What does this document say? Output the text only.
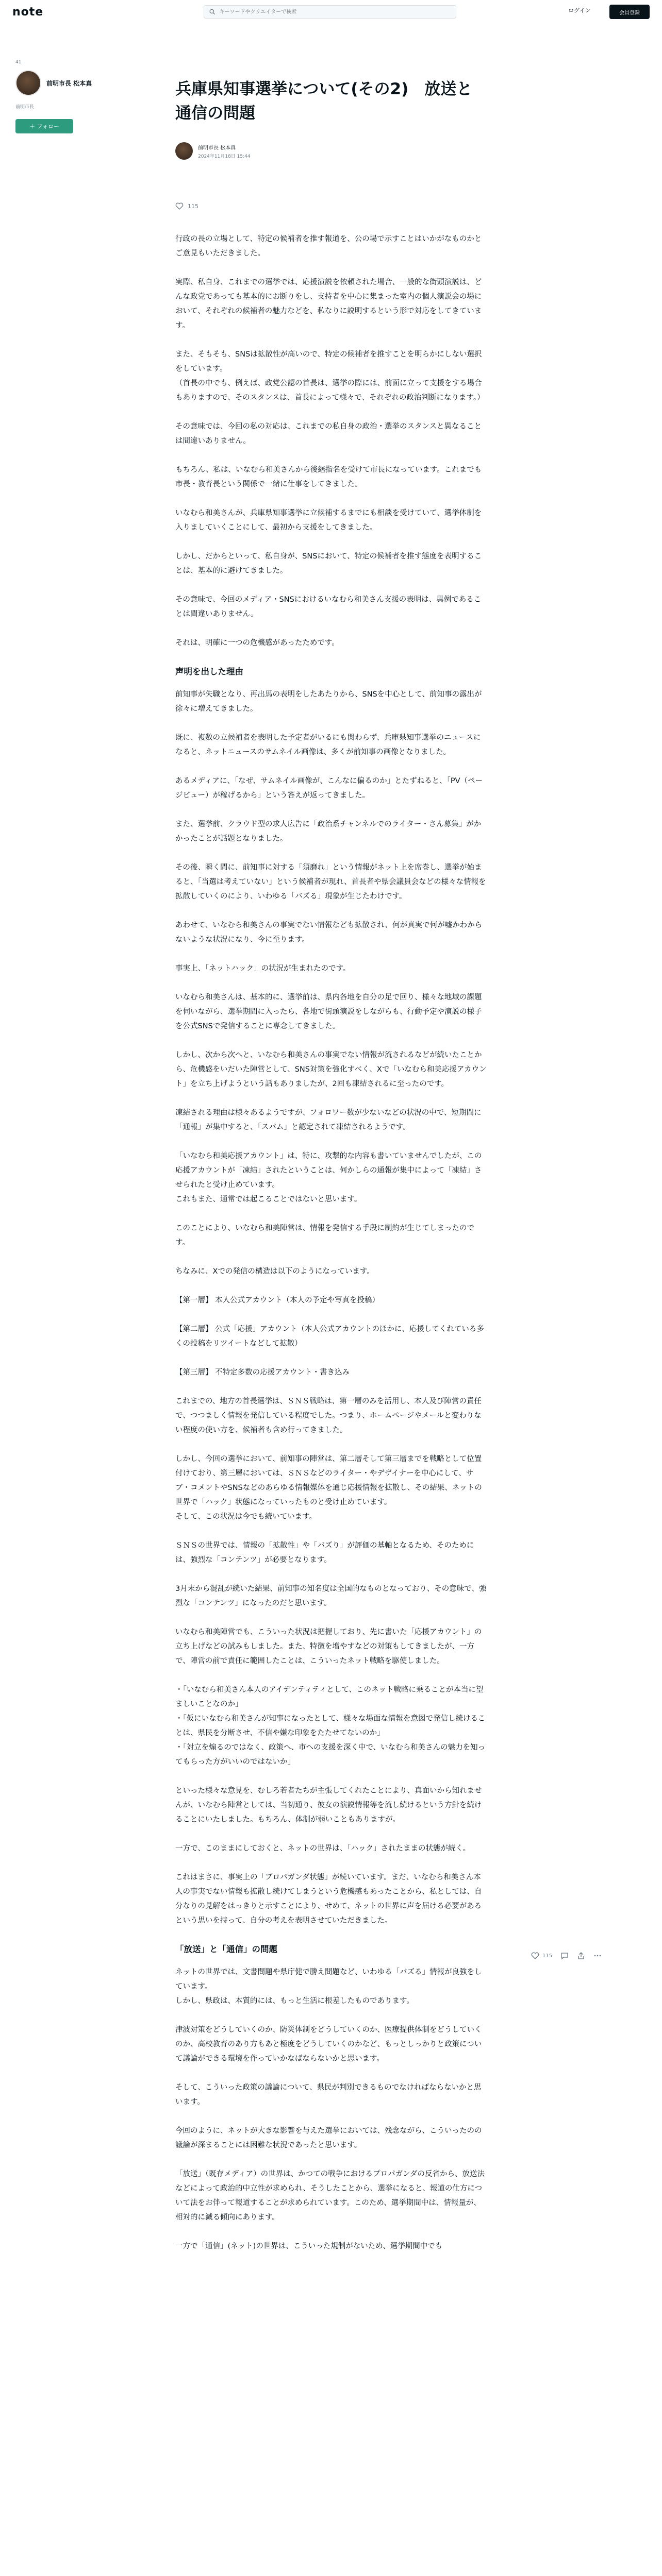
note
キーワードやクリエイターで検索	ログイン	会員登録
41
前明市長 松本真
前明市長
＋ フォロー
兵庫県知事選挙について(その2)　放送と通信の問題
前明市長 松本真
2024年11月18日 15:44
115

行政の長の立場として、特定の候補者を推す報道を、公の場で示すことはいかがなものかとご意見もいただきました。

実際、私自身、これまでの選挙では、応援演説を依頼された場合、一般的な街頭演説は、どんな政党であっても基本的にお断りをし、支持者を中心に集まった室内の個人演説会の場において、それぞれの候補者の魅力などを、私なりに説明するという形で対応をしてきています。

また、そもそも、SNSは拡散性が高いので、特定の候補者を推すことを明らかにしない選択をしています。
（首長の中でも、例えば、政党公認の首長は、選挙の際には、前面に立って支援をする場合もありますので、そのスタンスは、首長によって様々で、それぞれの政治判断になります。）

その意味では、今回の私の対応は、これまでの私自身の政治・選挙のスタンスと異なることは間違いありません。

もちろん、私は、いなむら和美さんから後継指名を受けて市長になっています。これまでも市長・教育長という関係で一緒に仕事をしてきました。

いなむら和美さんが、兵庫県知事選挙に立候補するまでにも相談を受けていて、選挙体制を入りましていくことにして、最初から支援をしてきました。

しかし、だからといって、私自身が、SNSにおいて、特定の候補者を推す態度を表明することは、基本的に避けてきました。

その意味で、今回のメディア・SNSにおけるいなむら和美さん支援の表明は、異例であることは間違いありません。

それは、明確に一つの危機感があったためです。

声明を出した理由

前知事が失職となり、再出馬の表明をしたあたりから、SNSを中心として、前知事の露出が徐々に増えてきました。

既に、複数の立候補者を表明した予定者がいるにも関わらず、兵庫県知事選挙のニュースになると、ネットニュースのサムネイル画像は、多くが前知事の画像となりました。

あるメディアに、「なぜ、サムネイル画像が、こんなに偏るのか」とたずねると、「PV（ページビュー）が稼げるから」という答えが返ってきました。

また、選挙前、クラウド型の求人広告に「政治系チャンネルでのライター・さん募集」がかかったことが話題となりました。

その後、瞬く間に、前知事に対する「須磨れ」という情報がネット上を席巻し、選挙が始まると、「当選は考えていない」という候補者が現れ、首長者や県会議員会などの様々な情報を拡散していくのにより、いわゆる「バズる」現象が生じたわけです。

あわせて、いなむら和美さんの事実でない情報なども拡散され、何が真実で何が嘘かわからないような状況になり、今に至ります。

事実上、「ネットハック」の状況が生まれたのです。

いなむら和美さんは、基本的に、選挙前は、県内各地を自分の足で回り、様々な地域の課題を伺いながら、選挙期間に入ったら、各地で街頭演説をしながらも、行動予定や演説の様子を公式SNSで発信することに専念してきました。

しかし、次から次へと、いなむら和美さんの事実でない情報が流されるなどが続いたことから、危機感をいだいた陣営として、SNS対策を強化すべく、Xで「いなむら和美応援アカウント」を立ち上げようという話もありましたが、2回も凍結されるに至ったのです。

凍結される理由は様々あるようですが、フォロワー数が少ないなどの状況の中で、短期間に「通報」が集中すると、「スパム」と認定されて凍結されるようです。

「いなむら和美応援アカウント」は、特に、攻撃的な内容も書いていませんでしたが、この応援アカウントが「凍結」されたということは、何かしらの通報が集中によって「凍結」させられたと受け止めています。
これもまた、通常では起こることではないと思います。

このことにより、いなむら和美陣営は、情報を発信する手段に制約が生じてしまったのです。

ちなみに、Xでの発信の構造は以下のようになっています。

【第一層】 本人公式アカウント（本人の予定や写真を投稿）

【第二層】 公式「応援」アカウント（本人公式アカウントのほかに、応援してくれている多くの投稿をリツイートなどして拡散）

【第三層】 不特定多数の応援アカウント・書き込み

これまでの、地方の首長選挙は、ＳＮＳ戦略は、第一層のみを活用し、本人及び陣営の責任で、つつましく情報を発信している程度でした。つまり、ホームページやメールと変わりない程度の使い方を、候補者も含め行ってきました。

しかし、今回の選挙において、前知事の陣営は、第二層そして第三層までを戦略として位置付けており、第三層においては、ＳＮＳなどのライター・やデザイナーを中心にして、サブ・コメントやSNSなどのあらゆる情報媒体を通じ応援情報を拡散し、その結果、ネットの世界で「ハック」状態になっていったものと受け止めています。
そして、この状況は今でも続いています。

ＳＮＳの世界では、情報の「拡散性」や「バズり」が評価の基軸となるため、そのためには、強烈な「コンテンツ」が必要となります。

3月末から混乱が続いた結果、前知事の知名度は全国的なものとなっており、その意味で、強烈な「コンテンツ」になったのだと思います。

いなむら和美陣営でも、こういった状況は把握しており、先に書いた「応援アカウント」の立ち上げなどの試みもしました。また、特徴を増やすなどの対策もしてきましたが、一方で、陣営の前で責任に範囲したことは、こういったネット戦略を駆使しました。

・「いなむら和美さん本人のアイデンティティとして、このネット戦略に乗ることが本当に望ましいことなのか」
・「仮にいなむら和美さんが知事になったとして、様々な場面な情報を意図で発信し続けることは、県民を分断させ、不信や嫌な印象をたたせてないのか」
・「対立を煽るのではなく、政策へ、市への支援を深く中で、いなむら和美さんの魅力を知ってもらった方がいいのではないか」

といった様々な意見を、むしろ若者たちが主張してくれたことにより、真面いから知れませんが、いなむら陣営としては、当初通り、彼女の演説情報等を流し続けるという方針を続けることにいたしました。もちろん、体制が弱いこともありますが。

一方で、このままにしておくと、ネットの世界は、「ハック」されたままの状態が続く。

これはまさに、事実上の「プロパガンダ状態」が続いています。まだ、いなむら和美さん本人の事実でない情報も拡散し続けてしまうという危機感もあったことから、私としては、自分なりの見解をはっきりと示すことにより、せめて、ネットの世界に声を届ける必要があるという思いを持って、自分の考えを表明させていただきました。

「放送」と「通信」の問題

ネットの世界では、文書問題や県庁健で勝え問題など、いわゆる「バズる」情報が良強をしています。
しかし、県政は、本質的には、もっと生活に根差したものであります。

津波対策をどうしていくのか、防災体制をどうしていくのか、医療提供体制をどうしていくのか、高校教育のあり方もあと極度をどうしていくのかなど、もっとしっかりと政策について議論ができる環境を作っていかなばならないかと思います。

そして、こういった政策の議論について、県民が判別できるものでなければならないかと思います。

今回のように、ネットが大きな影響を与えた選挙においては、残念ながら、こういったのの議論が深まることには困難な状況であったと思います。

「放送」（既存メディア）の世界は、かつての戦争におけるプロパガンダの反省から、放送法などによって政治的中立性が求められ、そうしたことから、選挙になると、報道の仕方について法をお伴って報道することが求められています。このため、選挙期間中は、情報量が、相対的に減る傾向にあります。

一方で「通信」(ネット)の世界は、こういった規制がないため、選挙期間中でも

115
